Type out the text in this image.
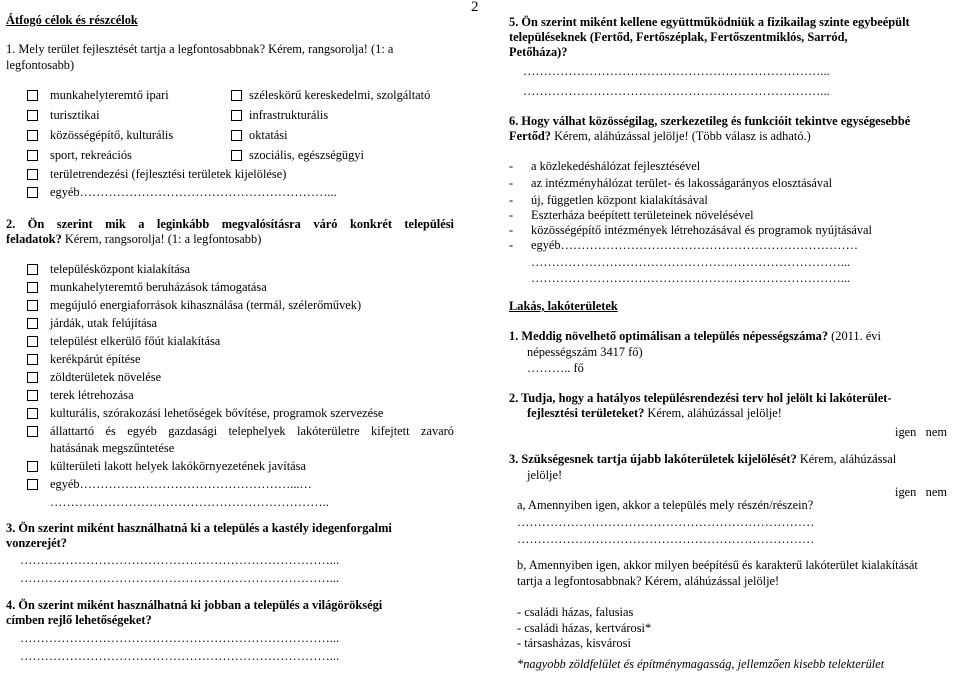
2
Átfogó célok és részcélok
1. Mely terület fejlesztését tartja a legfontosabbnak? Kérem, rangsorolja! (1: a
legfontosabb)
munkahelyteremtő ipari	széleskörű kereskedelmi, szolgáltató
turisztikai	infrastrukturális
közösségépítő, kulturális	oktatási
sport, rekreációs	szociális, egészségügyi
területrendezési (fejlesztési területek kijelölése)
egyéb……………………………………………………...
2. Ön szerint mik a leginkább megvalósításra váró konkrét települési
feladatok? Kérem, rangsorolja! (1: a legfontosabb)
településközpont kialakítása
munkahelyteremtő beruházások támogatása
megújuló energiaforrások kihasználása (termál, szélerőművek)
járdák, utak felújítása
települést elkerülő főút kialakítása
kerékpárút építése
zöldterületek növelése
terek létrehozása
kulturális, szórakozási lehetőségek bővítése, programok szervezése
állattartó és egyéb gazdasági telephelyek lakóterületre kifejtett zavaró
hatásának megszűntetése
külterületi lakott helyek lakókörnyezetének javítása
egyéb……………………………………………...…
…………………………………………………………..
3. Ön szerint miként használhatná ki a település a kastély idegenforgalmi
vonzerejét?
…………………………………………………………………...
…………………………………………………………………...
4. Ön szerint miként használhatná ki jobban a település a világörökségi
címben rejlő lehetőségeket?
…………………………………………………………………...
…………………………………………………………………...
5. Ön szerint miként kellene együttműködniük a fizikailag szinte egybeépült
településeknek (Fertőd, Fertőszéplak, Fertőszentmiklós, Sarród,
Petőháza)?
………………………………………………………………...
………………………………………………………………...
6. Hogy válhat közösségilag, szerkezetileg és funkcióit tekintve egységesebbé
Fertőd? Kérem, aláhúzással jelölje! (Több válasz is adható.)
- a közlekedéshálózat fejlesztésével
- az intézményhálózat terület- és lakosságarányos elosztásával
- új, független központ kialakításával
- Eszterháza beépített területeinek növelésével
- közösségépítő intézmények létrehozásával és programok nyújtásával
- egyéb………………………………………………………………
…………………………………………………………………...
…………………………………………………………………...
Lakás, lakóterületek
1. Meddig növelhető optimálisan a település népességszáma? (2011. évi
népességszám 3417 fő)
……….. fő
2. Tudja, hogy a hatályos településrendezési terv hol jelölt ki lakóterület-
fejlesztési területeket? Kérem, aláhúzással jelölje!
igen   nem
3. Szükségesnek tartja újabb lakóterületek kijelölését? Kérem, aláhúzással
jelölje!
igen   nem
a, Amennyiben igen, akkor a település mely részén/részein?
………………………………………………………………
………………………………………………………………
b, Amennyiben igen, akkor milyen beépítésű és karakterű lakóterület kialakítását
tartja a legfontosabbnak? Kérem, aláhúzással jelölje!
- családi házas, falusias
- családi házas, kertvárosi*
- társasházas, kisvárosi
*nagyobb zöldfelület és építménymagasság, jellemzően kisebb telekterület
